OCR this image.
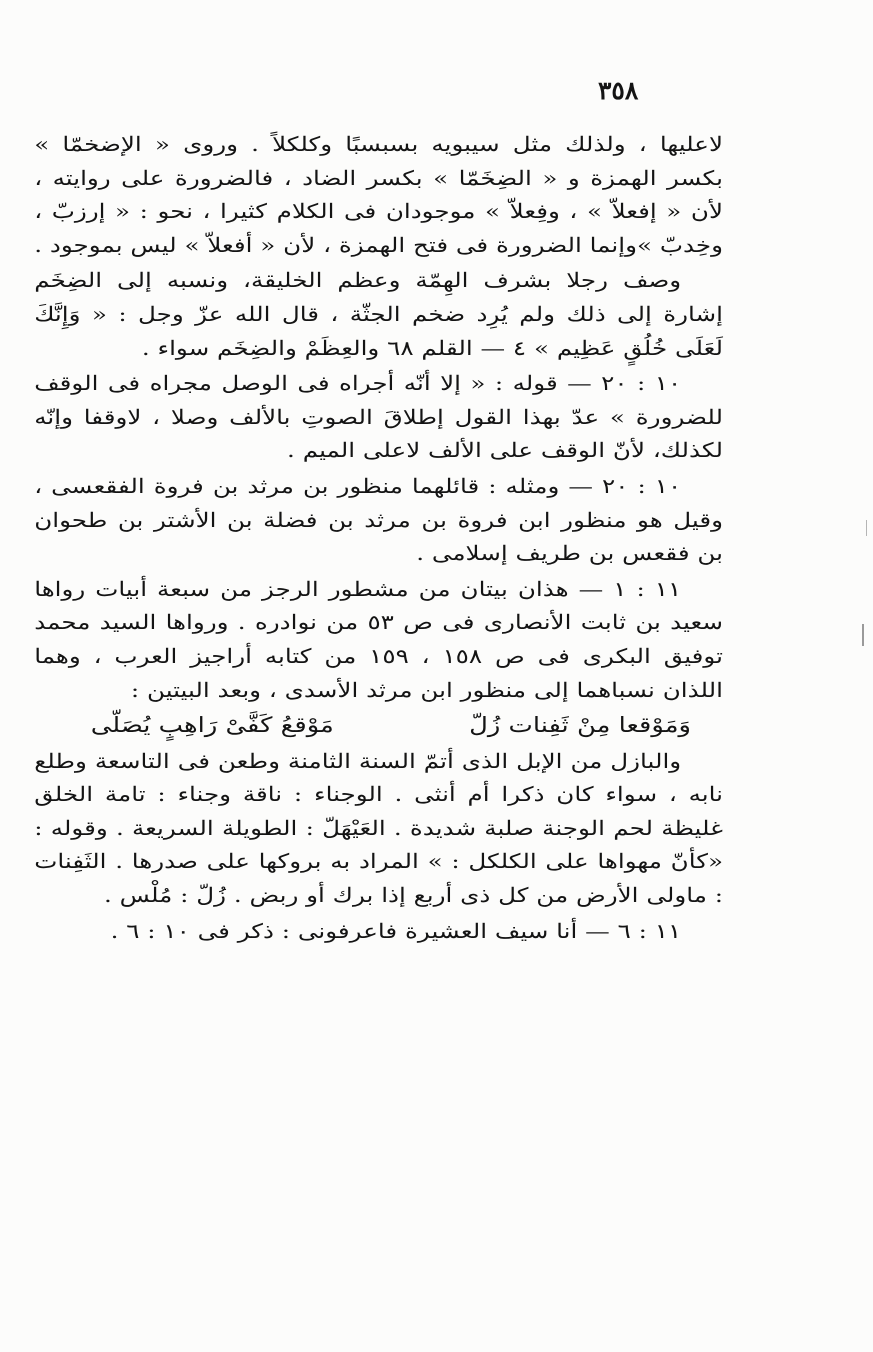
٣٥٨

لاعليها ، ولذلك مثل سيبويه بسبسبًا وكلكلاً . وروى « الإضخمّا » بكسر الهمزة و « الضِخَمّا » بكسر الضاد ، فالضرورة على روايته ، لأن « إفعلاّ » ، وفِعلاّ » موجودان فى الكلام كثيرا ، نحو : « إرزبّ ، وخِدبّ »وإنما الضرورة فى فتح الهمزة ، لأن « أفعلاّ » ليس بموجود .

وصف رجلا بشرف الهِمّة وعظم الخليقة، ونسبه إلى الضِخَم إشارة إلى ذلك ولم يُرِد ضخم الجثّة ، قال الله عزّ وجل : « وَإِنَّكَ لَعَلَى خُلُقٍ عَظِيم » ٤ — القلم ٦٨ والعِظَمْ والضِخَم سواء .

١٠ : ٢٠ — قوله : « إلا أنّه أجراه فى الوصل مجراه فى الوقف للضرورة » عدّ بهذا القول إطلاقَ الصوتِ بالألف وصلا ، لاوقفا وإنّه لكذلك، لأنّ الوقف على الألف لاعلى الميم .

١٠ : ٢٠ — ومثله : قائلهما منظور بن مرثد بن فروة الفقعسى ، وقيل هو منظور ابن فروة بن مرثد بن فضلة بن الأشتر بن طحوان بن فقعس بن طريف إسلامى .

١١ : ١ — هذان بيتان من مشطور الرجز من سبعة أبيات رواها سعيد بن ثابت الأنصارى فى ص ٥٣ من نوادره . ورواها السيد محمد توفيق البكرى فى ص ١٥٨ ، ١٥٩ من كتابه أراجيز العرب ، وهما اللذان نسباهما إلى منظور ابن مرثد الأسدى ، وبعد البيتين :

وَمَوْقعا مِنْ ثَفِنات زُلّ
مَوْقعُ كَفَّىْ رَاهِبٍ يُصَلّى

والبازل من الإبل الذى أتمّ السنة الثامنة وطعن فى التاسعة وطلع نابه ، سواء كان ذكرا أم أنثى . الوجناء : ناقة وجناء : تامة الخلق غليظة لحم الوجنة صلبة شديدة . العَيْهَلّ : الطويلة السريعة . وقوله : «كأنّ مهواها على الكلكل : » المراد به بروكها على صدرها . الثَفِنات : ماولى الأرض من كل ذى أربع إذا برك أو ربض . زُلّ : مُلْس .

١١ : ٦ — أنا سيف العشيرة فاعرفونى : ذكر فى ١٠ : ٦ .
